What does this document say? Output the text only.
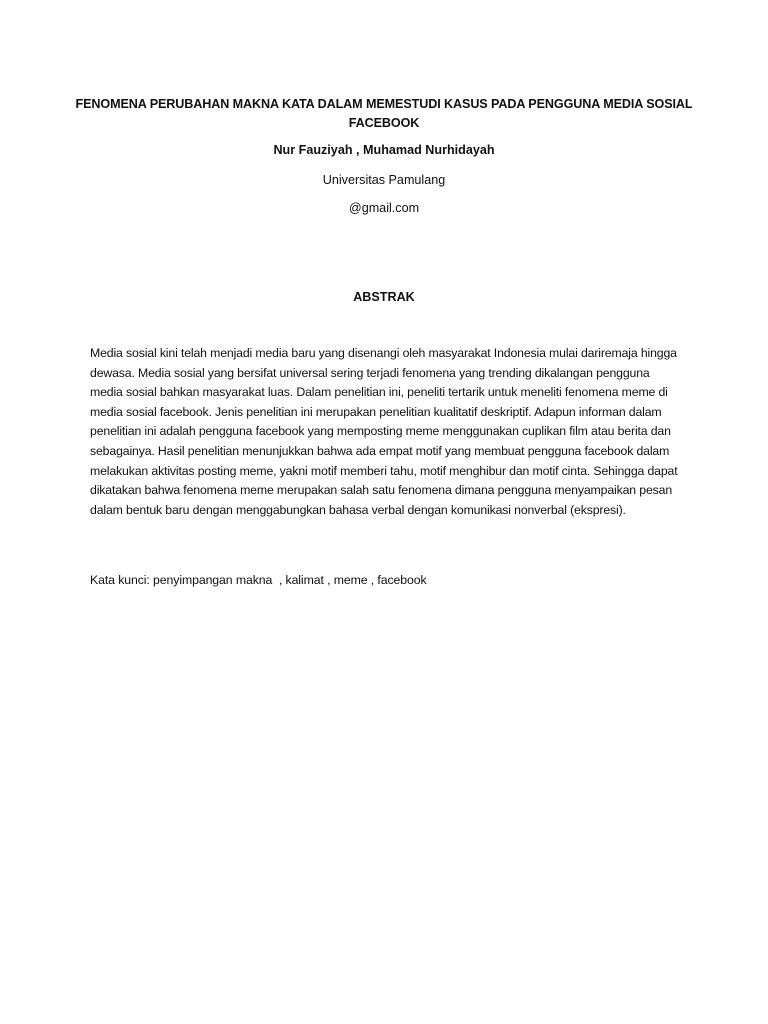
FENOMENA PERUBAHAN MAKNA KATA DALAM MEMESTUDI KASUS PADA PENGGUNA MEDIA SOSIAL FACEBOOK
Nur Fauziyah , Muhamad Nurhidayah
Universitas Pamulang
@gmail.com
ABSTRAK
Media sosial kini telah menjadi media baru yang disenangi oleh masyarakat Indonesia mulai dariremaja hingga dewasa. Media sosial yang bersifat universal sering terjadi fenomena yang trending dikalangan pengguna media sosial bahkan masyarakat luas. Dalam penelitian ini, peneliti tertarik untuk meneliti fenomena meme di media sosial facebook. Jenis penelitian ini merupakan penelitian kualitatif deskriptif. Adapun informan dalam penelitian ini adalah pengguna facebook yang memposting meme menggunakan cuplikan film atau berita dan sebagainya. Hasil penelitian menunjukkan bahwa ada empat motif yang membuat pengguna facebook dalam melakukan aktivitas posting meme, yakni motif memberi tahu, motif menghibur dan motif cinta. Sehingga dapat dikatakan bahwa fenomena meme merupakan salah satu fenomena dimana pengguna menyampaikan pesan dalam bentuk baru dengan menggabungkan bahasa verbal dengan komunikasi nonverbal (ekspresi).
Kata kunci: penyimpangan makna  , kalimat , meme , facebook
